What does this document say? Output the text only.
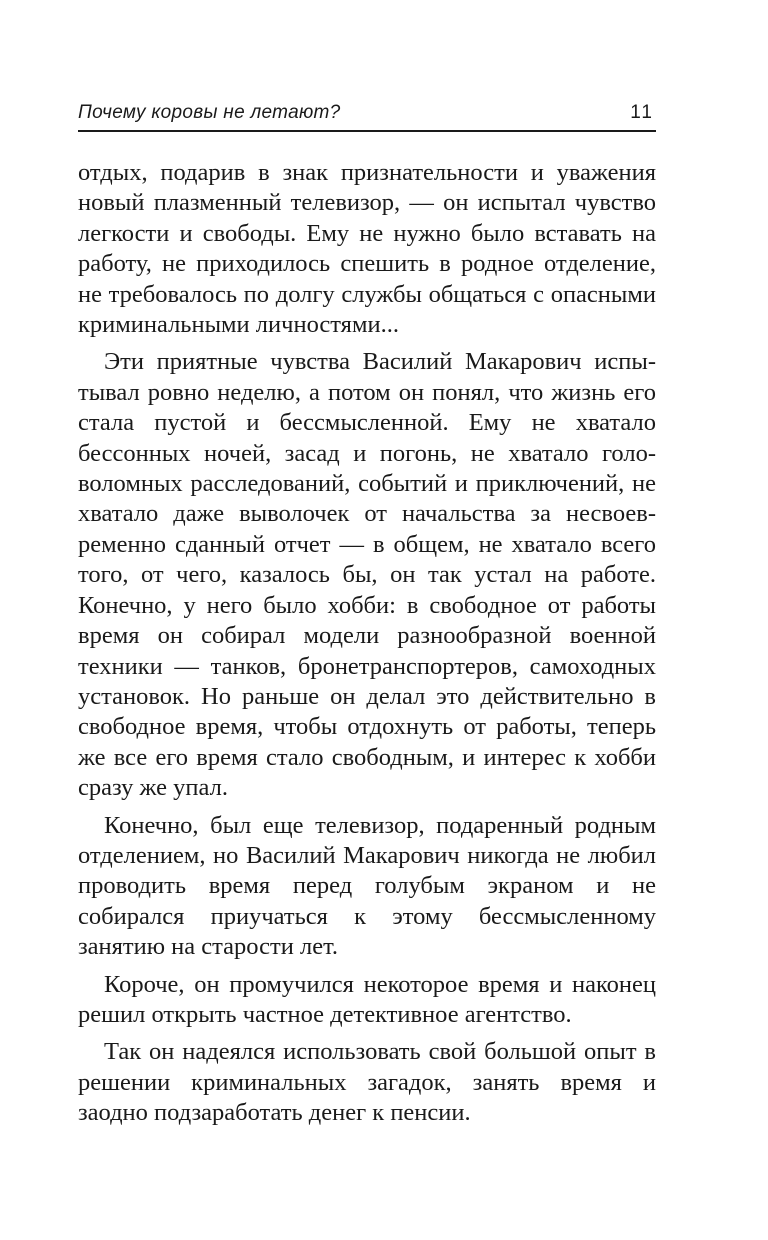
Почему коровы не летают?	11

отдых, подарив в знак признательности и уважения новый плазменный телевизор, — он испытал чувство легкости и свободы. Ему не нужно было вставать на работу, не приходилось спешить в родное отделение, не требовалось по долгу службы общаться с опасными криминальными личностями...

Эти приятные чувства Василий Макарович испытывал ровно неделю, а потом он понял, что жизнь его стала пустой и бессмысленной. Ему не хватало бессонных ночей, засад и погонь, не хватало головоломных расследований, событий и приключений, не хватало даже выволочек от начальства за несвоевременно сданный отчет — в общем, не хватало всего того, от чего, казалось бы, он так устал на работе. Конечно, у него было хобби: в свободное от работы время он собирал модели разнообразной военной техники — танков, бронетранспортеров, самоходных установок. Но раньше он делал это действительно в свободное время, чтобы отдохнуть от работы, теперь же все его время стало свободным, и интерес к хобби сразу же упал.

Конечно, был еще телевизор, подаренный родным отделением, но Василий Макарович никогда не любил проводить время перед голубым экраном и не собирался приучаться к этому бессмысленному занятию на старости лет.

Короче, он промучился некоторое время и наконец решил открыть частное детективное агентство.

Так он надеялся использовать свой большой опыт в решении криминальных загадок, занять время и заодно подзаработать денег к пенсии.
